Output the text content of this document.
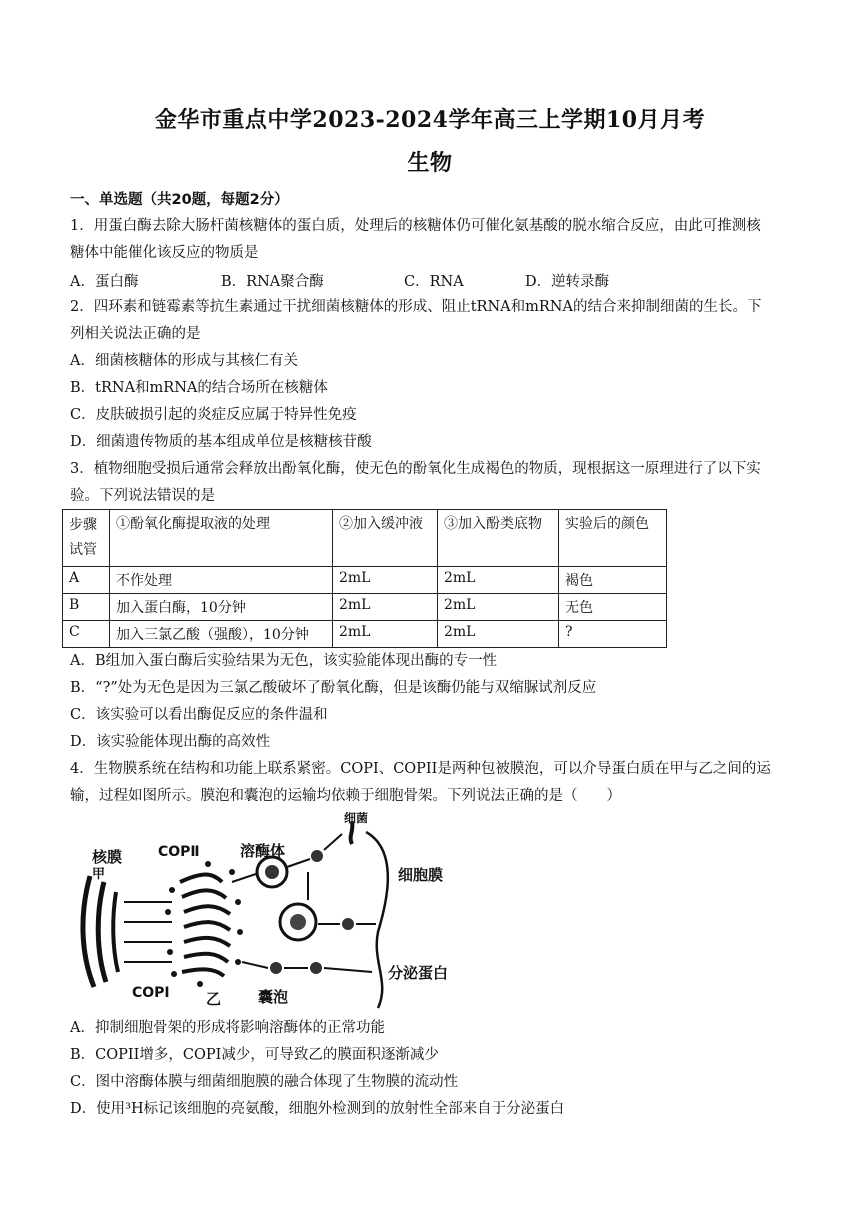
金华市重点中学2023-2024学年高三上学期10月月考
生物
一、单选题（共20题，每题2分）
1．用蛋白酶去除大肠杆菌核糖体的蛋白质，处理后的核糖体仍可催化氨基酸的脱水缩合反应，由此可推测核
糖体中能催化该反应的物质是
A．蛋白酶	B．RNA聚合酶	C．RNA	D．逆转录酶
2．四环素和链霉素等抗生素通过干扰细菌核糖体的形成、阻止tRNA和mRNA的结合来抑制细菌的生长。下
列相关说法正确的是
A．细菌核糖体的形成与其核仁有关
B．tRNA和mRNA的结合场所在核糖体
C．皮肤破损引起的炎症反应属于特异性免疫
D．细菌遗传物质的基本组成单位是核糖核苷酸
3．植物细胞受损后通常会释放出酚氧化酶，使无色的酚氧化生成褐色的物质，现根据这一原理进行了以下实
验。下列说法错误的是
步骤
试管	①酚氧化酶提取液的处理	②加入缓冲液	③加入酚类底物	实验后的颜色
A	不作处理	2mL	2mL	褐色
B	加入蛋白酶，10分钟	2mL	2mL	无色
C	加入三氯乙酸（强酸），10分钟	2mL	2mL	?
A．B组加入蛋白酶后实验结果为无色，该实验能体现出酶的专一性
B．“?”处为无色是因为三氯乙酸破坏了酚氧化酶，但是该酶仍能与双缩脲试剂反应
C．该实验可以看出酶促反应的条件温和
D．该实验能体现出酶的高效性
4．生物膜系统在结构和功能上联系紧密。COPI、COPII是两种包被膜泡，可以介导蛋白质在甲与乙之间的运
输，过程如图所示。膜泡和囊泡的运输均依赖于细胞骨架。下列说法正确的是（　　）
核膜
甲
COPⅡ	溶酶体
细菌
细胞膜
分泌蛋白
COPⅠ 乙 囊泡
A．抑制细胞骨架的形成将影响溶酶体的正常功能
B．COPII增多，COPI减少，可导致乙的膜面积逐渐减少
C．图中溶酶体膜与细菌细胞膜的融合体现了生物膜的流动性
D．使用³H标记该细胞的亮氨酸，细胞外检测到的放射性全部来自于分泌蛋白
